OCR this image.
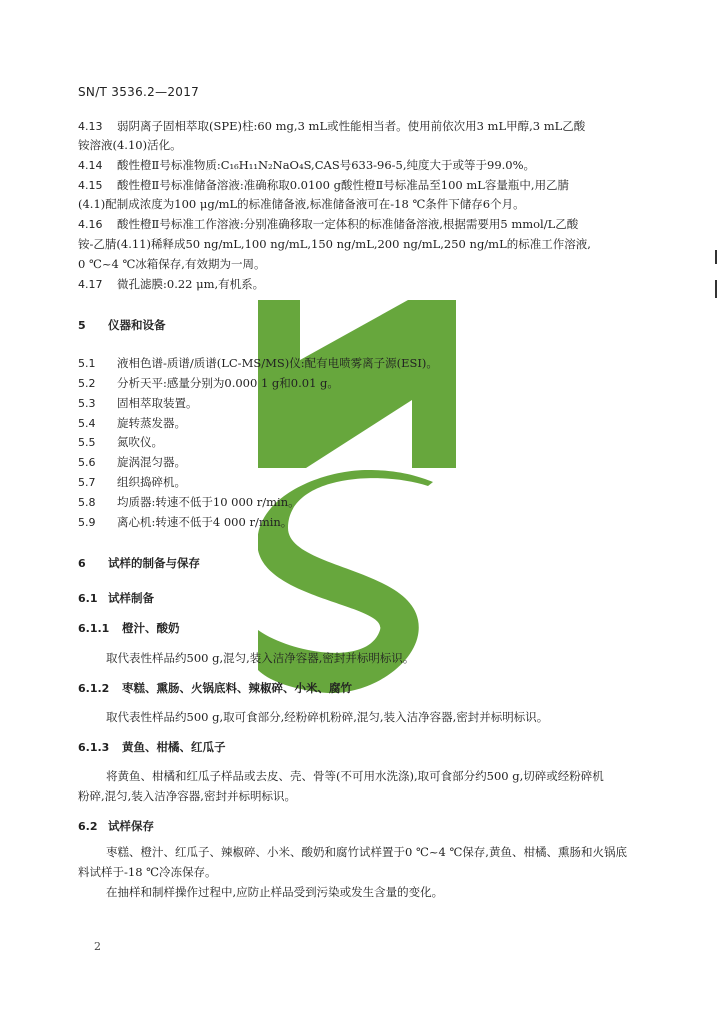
SN/T 3536.2—2017
4.13 弱阴离子固相萃取(SPE)柱:60 mg,3 mL或性能相当者。使用前依次用3 mL甲醇,3 mL乙酸
铵溶液(4.10)活化。
4.14 酸性橙Ⅱ号标准物质:C₁₆H₁₁N₂NaO₄S,CAS号633-96-5,纯度大于或等于99.0%。
4.15 酸性橙Ⅱ号标准储备溶液:准确称取0.0100 g酸性橙Ⅱ号标准品至100 mL容量瓶中,用乙腈
(4.1)配制成浓度为100 μg/mL的标准储备液,标准储备液可在-18 ℃条件下储存6个月。
4.16 酸性橙Ⅱ号标准工作溶液:分别准确移取一定体积的标准储备溶液,根据需要用5 mmol/L乙酸
铵-乙腈(4.11)稀释成50 ng/mL,100 ng/mL,150 ng/mL,200 ng/mL,250 ng/mL的标准工作溶液,
0 ℃~4 ℃冰箱保存,有效期为一周。
4.17 微孔滤膜:0.22 μm,有机系。
5 仪器和设备
5.1 液相色谱-质谱/质谱(LC-MS/MS)仪:配有电喷雾离子源(ESI)。
5.2 分析天平:感量分别为0.000 1 g和0.01 g。
5.3 固相萃取装置。
5.4 旋转蒸发器。
5.5 氮吹仪。
5.6 旋涡混匀器。
5.7 组织捣碎机。
5.8 均质器:转速不低于10 000 r/min。
5.9 离心机:转速不低于4 000 r/min。
6 试样的制备与保存
6.1 试样制备
6.1.1 橙汁、酸奶
取代表性样品约500 g,混匀,装入洁净容器,密封并标明标识。
6.1.2 枣糕、熏肠、火锅底料、辣椒碎、小米、腐竹
取代表性样品约500 g,取可食部分,经粉碎机粉碎,混匀,装入洁净容器,密封并标明标识。
6.1.3 黄鱼、柑橘、红瓜子
将黄鱼、柑橘和红瓜子样品或去皮、壳、骨等(不可用水洗涤),取可食部分约500 g,切碎或经粉碎机
粉碎,混匀,装入洁净容器,密封并标明标识。
6.2 试样保存
枣糕、橙汁、红瓜子、辣椒碎、小米、酸奶和腐竹试样置于0 ℃~4 ℃保存,黄鱼、柑橘、熏肠和火锅底
料试样于-18 ℃冷冻保存。
在抽样和制样操作过程中,应防止样品受到污染或发生含量的变化。
2
